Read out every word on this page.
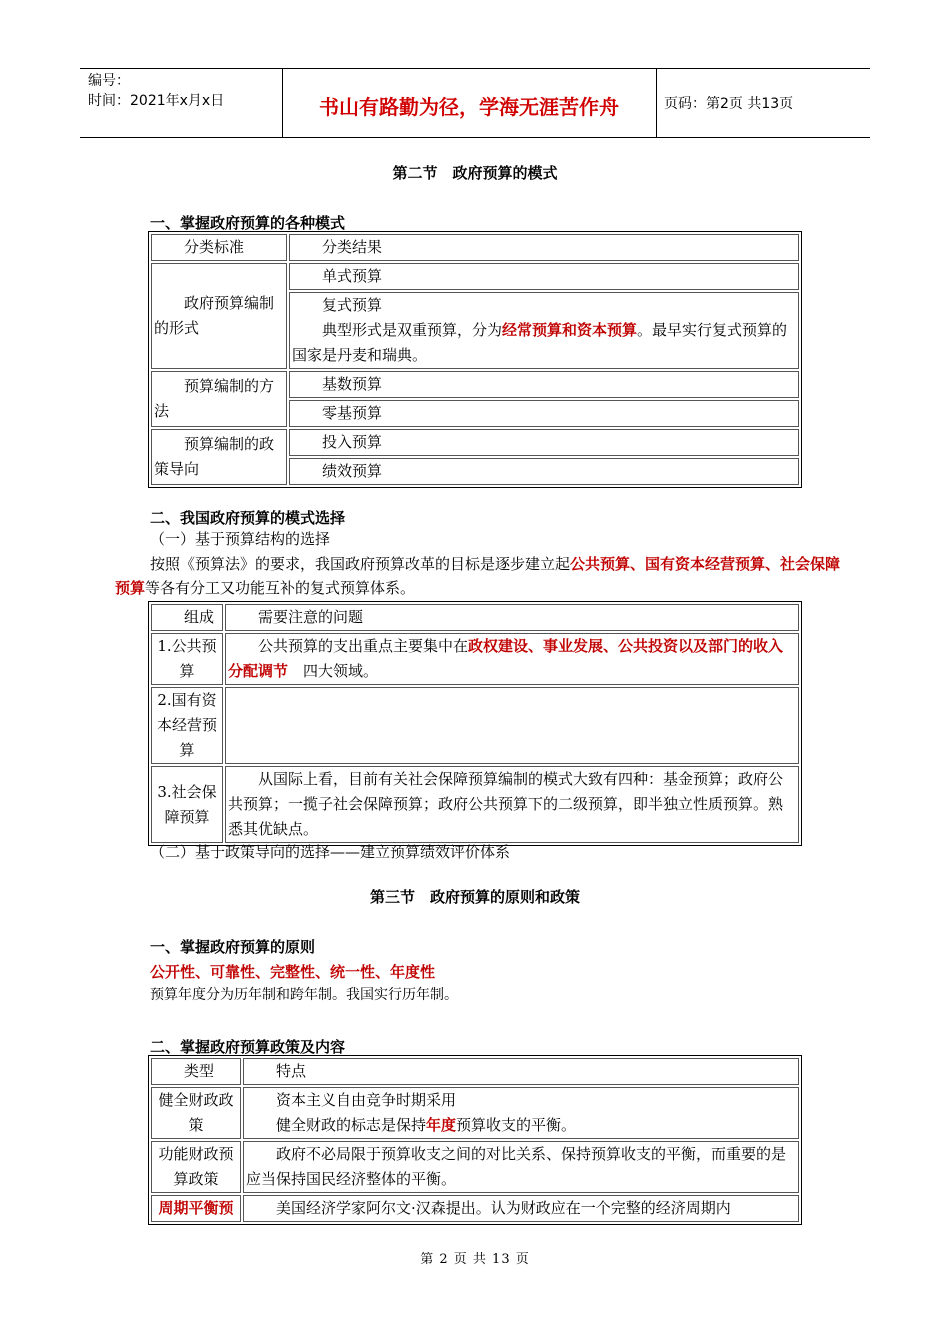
编号：
时间：2021年x月x日	书山有路勤为径，学海无涯苦作舟	页码：第2页 共13页
第二节　政府预算的模式
一、掌握政府预算的各种模式
分类标准	分类结果
政府预算编制的形式	单式预算

	复式预算
典型形式是双重预算，分为经常预算和资本预算。最早实行复式预算的国家是丹麦和瑞典。

预算编制的方法	基数预算
	零基预算
预算编制的政策导向	投入预算
	绩效预算
二、我国政府预算的模式选择
（一）基于预算结构的选择
按照《预算法》的要求，我国政府预算改革的目标是逐步建立起公共预算、国有资本经营预算、社会保障预算等各有分工又功能互补的复式预算体系。
组成	需要注意的问题
1.公共预算	公共预算的支出重点主要集中在政权建设、事业发展、公共投资以及部门的收入分配调节　四大领域。
2.国有资本经营预算	
3.社会保障预算	从国际上看，目前有关社会保障预算编制的模式大致有四种：基金预算；政府公共预算；一揽子社会保障预算；政府公共预算下的二级预算，即半独立性质预算。熟悉其优缺点。
（二）基于政策导向的选择——建立预算绩效评价体系
第三节　政府预算的原则和政策
一、掌握政府预算的原则
公开性、可靠性、完整性、统一性、年度性
预算年度分为历年制和跨年制。我国实行历年制。
二、掌握政府预算政策及内容
类型	特点
健全财政政策	资本主义自由竞争时期采用
健全财政的标志是保持年度预算收支的平衡。

功能财政预算政策	政府不必局限于预算收支之间的对比关系、保持预算收支的平衡，而重要的是应当保持国民经济整体的平衡。
周期平衡预	美国经济学家阿尔文·汉森提出。认为财政应在一个完整的经济周期内
第 2 页 共 13 页
